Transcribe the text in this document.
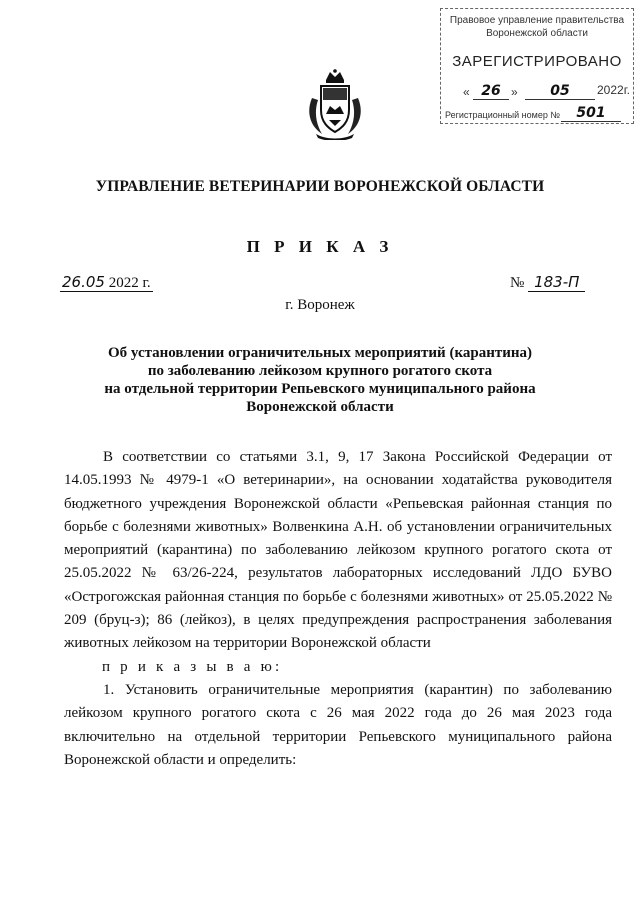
Правовое управление правительства
Воронежской области
ЗАРЕГИСТРИРОВАНО
« 26 »	05	2022г.
Регистрационный номер №	501
УПРАВЛЕНИЕ ВЕТЕРИНАРИИ ВОРОНЕЖСКОЙ ОБЛАСТИ
П Р И К А З
26.05 2022 г.	№ 183-П
г. Воронеж
Об установлении ограничительных мероприятий (карантина)
по заболеванию лейкозом крупного рогатого скота
на отдельной территории Репьевского муниципального района
Воронежской области

В соответствии со статьями 3.1, 9, 17 Закона Российской Федерации от 14.05.1993 № 4979-1 «О ветеринарии», на основании ходатайства руководителя бюджетного учреждения Воронежской области «Репьевская районная станция по борьбе с болезнями животных» Волвенкина А.Н. об установлении ограничительных мероприятий (карантина) по заболеванию лейкозом крупного рогатого скота от 25.05.2022 № 63/26-224, результатов лабораторных исследований ЛДО БУВО «Острогожская районная станция по борьбе с болезнями животных» от 25.05.2022 № 209 (бруц-з); 86 (лейкоз), в целях предупреждения распространения заболевания животных лейкозом на территории Воронежской области

п р и к а з ы в а ю:

1. Установить ограничительные мероприятия (карантин) по заболеванию лейкозом крупного рогатого скота с 26 мая 2022 года до 26 мая 2023 года включительно на отдельной территории Репьевского муниципального района Воронежской области и определить:
